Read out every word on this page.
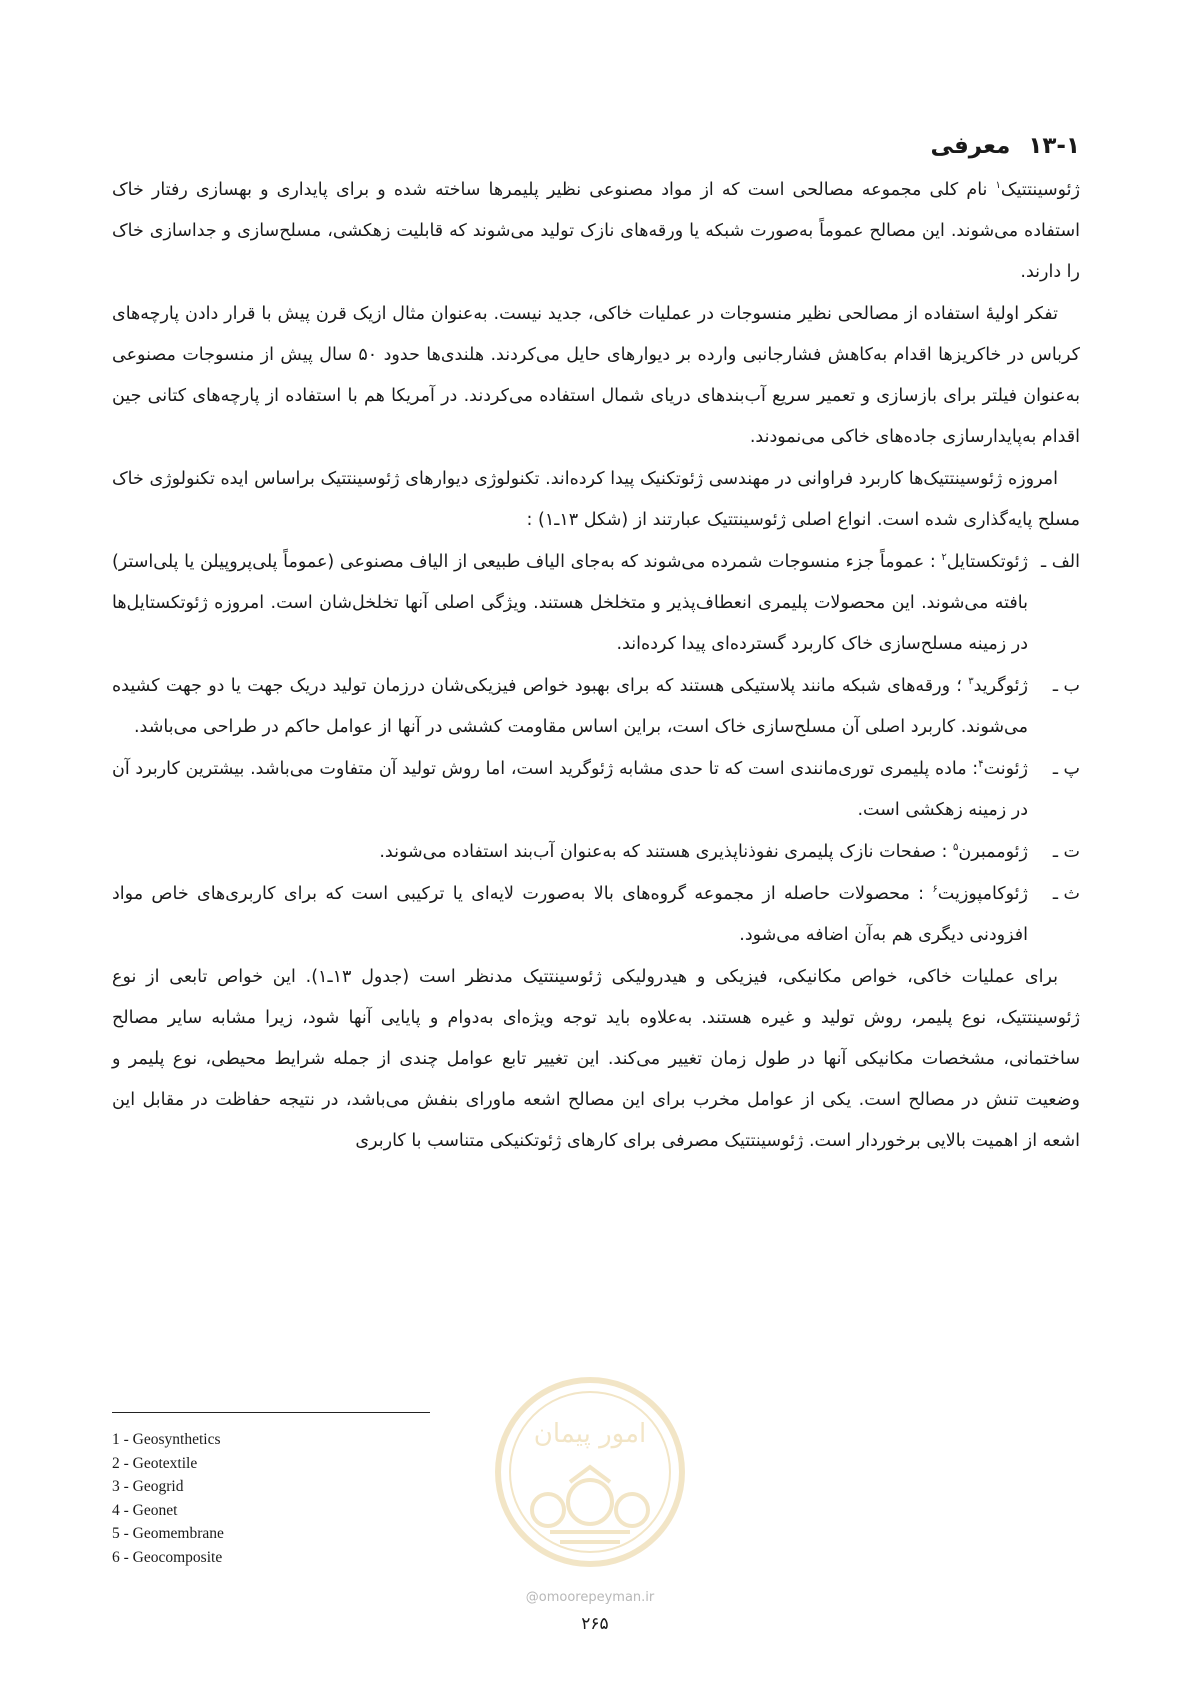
۱۳-۱معرفی

ژئوسینتتیک$^۱$ نام کلی مجموعه مصالحی است که از مواد مصنوعی نظیر پلیمرها ساخته شده و برای پایداری و بهسازی رفتار خاک استفاده می‌شوند. این مصالح عموماً به‌صورت شبکه یا ورقه‌های نازک تولید می‌شوند که قابلیت زهکشی، مسلح‌سازی و جداسازی خاک را دارند.

تفکر اولیهٔ استفاده از مصالحی نظیر منسوجات در عملیات خاکی، جدید نیست. به‌عنوان مثال ازیک قرن پیش با قرار دادن پارچه‌های کرباس در خاکریزها اقدام به‌کاهش فشارجانبی وارده بر دیوارهای حایل می‌کردند. هلندی‌ها حدود ۵۰ سال پیش از منسوجات مصنوعی به‌عنوان فیلتر برای بازسازی و تعمیر سریع آب‌بندهای دریای شمال استفاده می‌کردند. در آمریکا هم با استفاده از پارچه‌های کتانی جین اقدام به‌پایدارسازی جاده‌های خاکی می‌نمودند.

امروزه ژئوسینتتیک‌ها کاربرد فراوانی در مهندسی ژئوتکنیک پیدا کرده‌اند. تکنولوژی دیوارهای ژئوسینتتیک براساس ایده تکنولوژی خاک مسلح پایه‌گذاری شده است. انواع اصلی ژئوسینتتیک عبارتند از (شکل ۱۳ـ۱) :

الف ـ
ژئوتکستایل$^۲$ : عموماً جزء منسوجات شمرده می‌شوند که به‌جای الیاف طبیعی از الیاف مصنوعی (عموماً پلی‌پروپیلن یا پلی‌استر) بافته می‌شوند. این محصولات پلیمری انعطاف‌پذیر و متخلخل هستند. ویژگی اصلی آنها تخلخل‌شان است. امروزه ژئوتکستایل‌ها در زمینه مسلح‌سازی خاک کاربرد گسترده‌ای پیدا کرده‌اند.
ب ـ
ژئوگرید$^۳$ ؛ ورقه‌های شبکه مانند پلاستیکی هستند که برای بهبود خواص فیزیکی‌شان درزمان تولید دریک جهت یا دو جهت کشیده می‌شوند. کاربرد اصلی آن مسلح‌سازی خاک است، براین اساس مقاومت کششی در آنها از عوامل حاکم در طراحی می‌باشد.
پ ـ
ژئونت$^۴$: ماده پلیمری توری‌مانندی است که تا حدی مشابه ژئوگرید است، اما روش تولید آن متفاوت می‌باشد. بیشترین کاربرد آن در زمینه زهکشی است.
ت ـ
ژئوممبرن$^۵$ : صفحات نازک پلیمری نفوذناپذیری هستند که به‌عنوان آب‌بند استفاده می‌شوند.
ث ـ
ژئوکامپوزیت$^۶$ : محصولات حاصله از مجموعه گروه‌های بالا به‌صورت لایه‌ای یا ترکیبی است که برای کاربری‌های خاص مواد افزودنی دیگری هم به‌آن اضافه می‌شود.

برای عملیات خاکی، خواص مکانیکی، فیزیکی و هیدرولیکی ژئوسینتتیک مدنظر است (جدول ۱۳ـ۱). این خواص تابعی از نوع ژئوسینتتیک، نوع پلیمر، روش تولید و غیره هستند. به‌علاوه باید توجه ویژه‌ای به‌دوام و پایایی آنها شود، زیرا مشابه سایر مصالح ساختمانی، مشخصات مکانیکی آنها در طول زمان تغییر می‌کند. این تغییر تابع عوامل چندی از جمله شرایط محیطی، نوع پلیمر و وضعیت تنش در مصالح است. یکی از عوامل مخرب برای این مصالح اشعه ماورای بنفش می‌باشد، در نتیجه حفاظت در مقابل این اشعه از اهمیت بالایی برخوردار است. ژئوسینتتیک مصرفی برای کارهای ژئوتکنیکی متناسب با کاربری

1 - Geosynthetics
2 - Geotextile
3 - Geogrid
4 - Geonet
5 - Geomembrane
6 - Geocomposite
امور پیمان
@omoorepeyman.ir
۲۶۵
